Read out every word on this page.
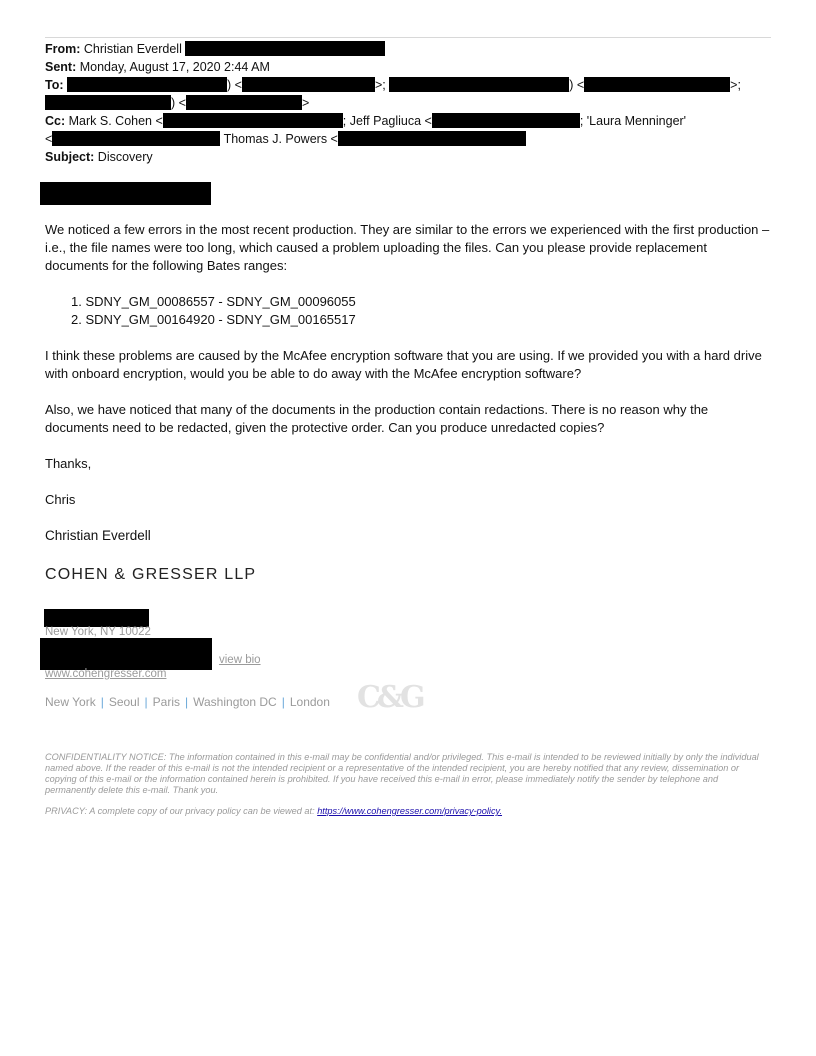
From: Christian Everdell
Sent: Monday, August 17, 2020 2:44 AM
To:	) <	>;	) <	>;
) <	>
Cc: Mark S. Cohen <	; Jeff Pagliuca <	; 'Laura Menninger'
<	Thomas J. Powers <
Subject: Discovery
We noticed a few errors in the most recent production. They are similar to the errors we experienced with the first production – i.e., the file names were too long, which caused a problem uploading the files. Can you please provide replacement documents for the following Bates ranges:
1. SDNY_GM_00086557 - SDNY_GM_00096055
2. SDNY_GM_00164920 - SDNY_GM_00165517
I think these problems are caused by the McAfee encryption software that you are using. If we provided you with a hard drive with onboard encryption, would you be able to do away with the McAfee encryption software?
Also, we have noticed that many of the documents in the production contain redactions. There is no reason why the documents need to be redacted, given the protective order. Can you produce unredacted copies?
Thanks,
Chris
Christian Everdell
COHEN & GRESSER LLP
New York, NY 10022
view bio
www.cohengresser.com
New York | Seoul | Paris | Washington DC | London C&G
CONFIDENTIALITY NOTICE: The information contained in this e-mail may be confidential and/or privileged. This e-mail is intended to be reviewed initially by only the individual named above. If the reader of this e-mail is not the intended recipient or a representative of the intended recipient, you are hereby notified that any review, dissemination or copying of this e-mail or the information contained herein is prohibited. If you have received this e-mail in error, please immediately notify the sender by telephone and permanently delete this e-mail. Thank you.
PRIVACY: A complete copy of our privacy policy can be viewed at: https://www.cohengresser.com/privacy-policy.
